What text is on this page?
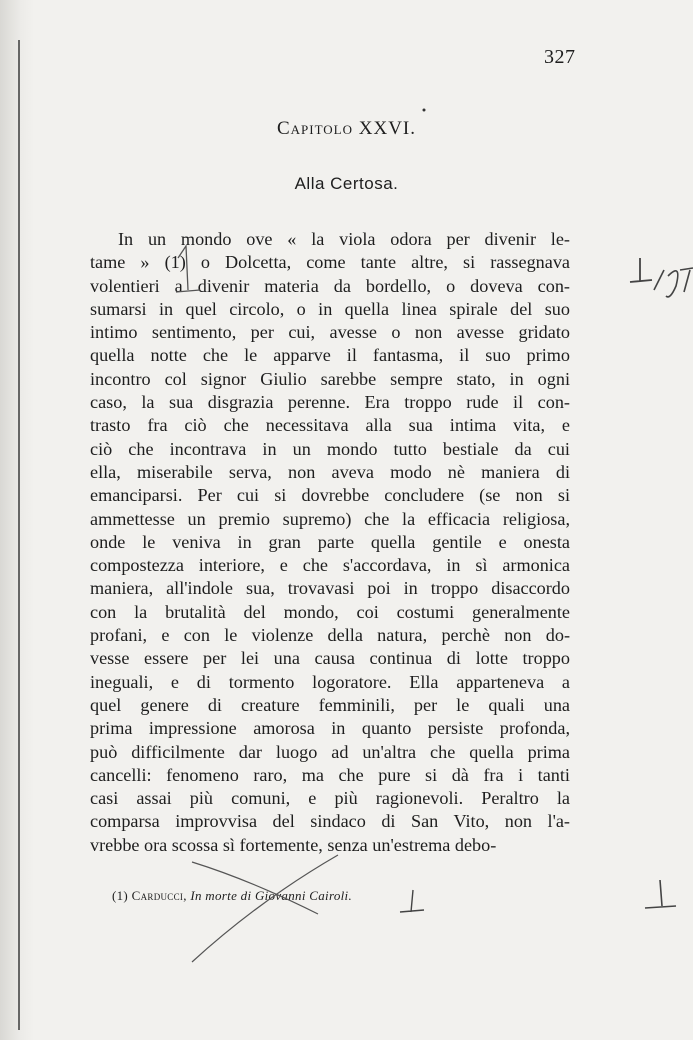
327
Capitolo XXVI.
Alla Certosa.
In un mondo ove « la viola odora per divenir le-
tame » (1) o Dolcetta, come tante altre, si rassegnava
volentieri a divenir materia da bordello, o doveva con-
sumarsi in quel circolo, o in quella linea spirale del suo
intimo sentimento, per cui, avesse o non avesse gridato
quella notte che le apparve il fantasma, il suo primo
incontro col signor Giulio sarebbe sempre stato, in ogni
caso, la sua disgrazia perenne. Era troppo rude il con-
trasto fra ciò che necessitava alla sua intima vita, e
ciò che incontrava in un mondo tutto bestiale da cui
ella, miserabile serva, non aveva modo nè maniera di
emanciparsi. Per cui si dovrebbe concludere (se non si
ammettesse un premio supremo) che la efficacia religiosa,
onde le veniva in gran parte quella gentile e onesta
compostezza interiore, e che s'accordava, in sì armonica
maniera, all'indole sua, trovavasi poi in troppo disaccordo
con la brutalità del mondo, coi costumi generalmente
profani, e con le violenze della natura, perchè non do-
vesse essere per lei una causa continua di lotte troppo
ineguali, e di tormento logoratore. Ella apparteneva a
quel genere di creature femminili, per le quali una
prima impressione amorosa in quanto persiste profonda,
può difficilmente dar luogo ad un'altra che quella prima
cancelli: fenomeno raro, ma che pure si dà fra i tanti
casi assai più comuni, e più ragionevoli. Peraltro la
comparsa improvvisa del sindaco di San Vito, non l'a-
vrebbe ora scossa sì fortemente, senza un'estrema debo-
(1) Carducci, In morte di Giovanni Cairoli.
